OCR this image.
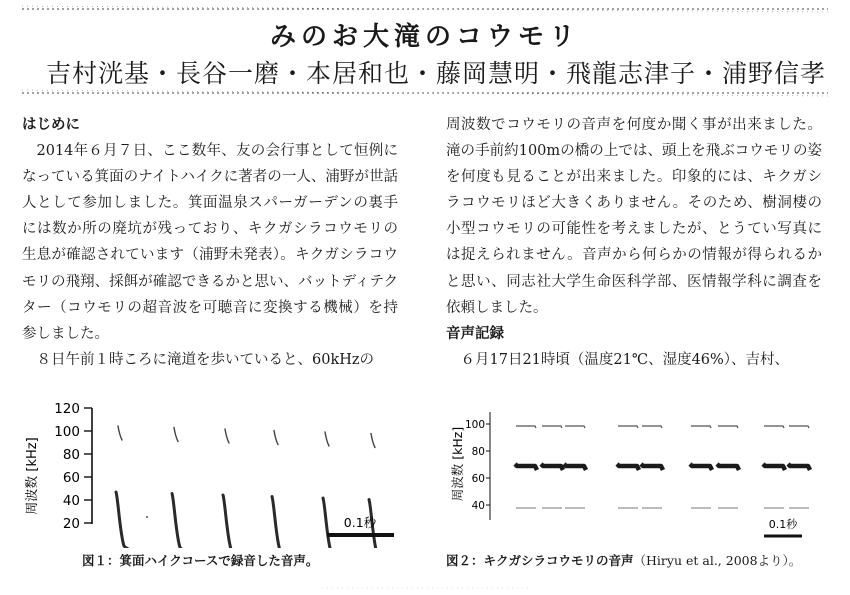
みのお大滝のコウモリ
吉村洸基・長谷一磨・本居和也・藤岡慧明・飛龍志津子・浦野信孝
はじめに

2014年６月７日、ここ数年、友の会行事として恒例になっている箕面のナイトハイクに著者の一人、浦野が世話人として参加しました。箕面温泉スパーガーデンの裏手には数か所の廃坑が残っており、キクガシラコウモリの生息が確認されています（浦野未発表）。キクガシラコウモリの飛翔、採餌が確認できるかと思い、バットディテクター（コウモリの超音波を可聴音に変換する機械）を持参しました。

８日午前１時ころに滝道を歩いていると、60kHzの

周波数でコウモリの音声を何度か聞く事が出来ました。滝の手前約100mの橋の上では、頭上を飛ぶコウモリの姿を何度も見ることが出来ました。印象的には、キクガシラコウモリほど大きくありません。そのため、樹洞棲の小型コウモリの可能性を考えましたが、とうてい写真には捉えられません。音声から何らかの情報が得られるかと思い、同志社大学生命医科学部、医情報学科に調査を依頼しました。

音声記録

６月17日21時頃（温度21℃、湿度46%）、吉村、

周波数 [kHz]
120
100
80
60
40
20	0.1秒
周波数 [kHz]
100
80
60
40
0.1秒
図１：箕面ハイクコースで録音した音声。	図２：キクガシラコウモリの音声（Hiryu et al., 2008より）。
